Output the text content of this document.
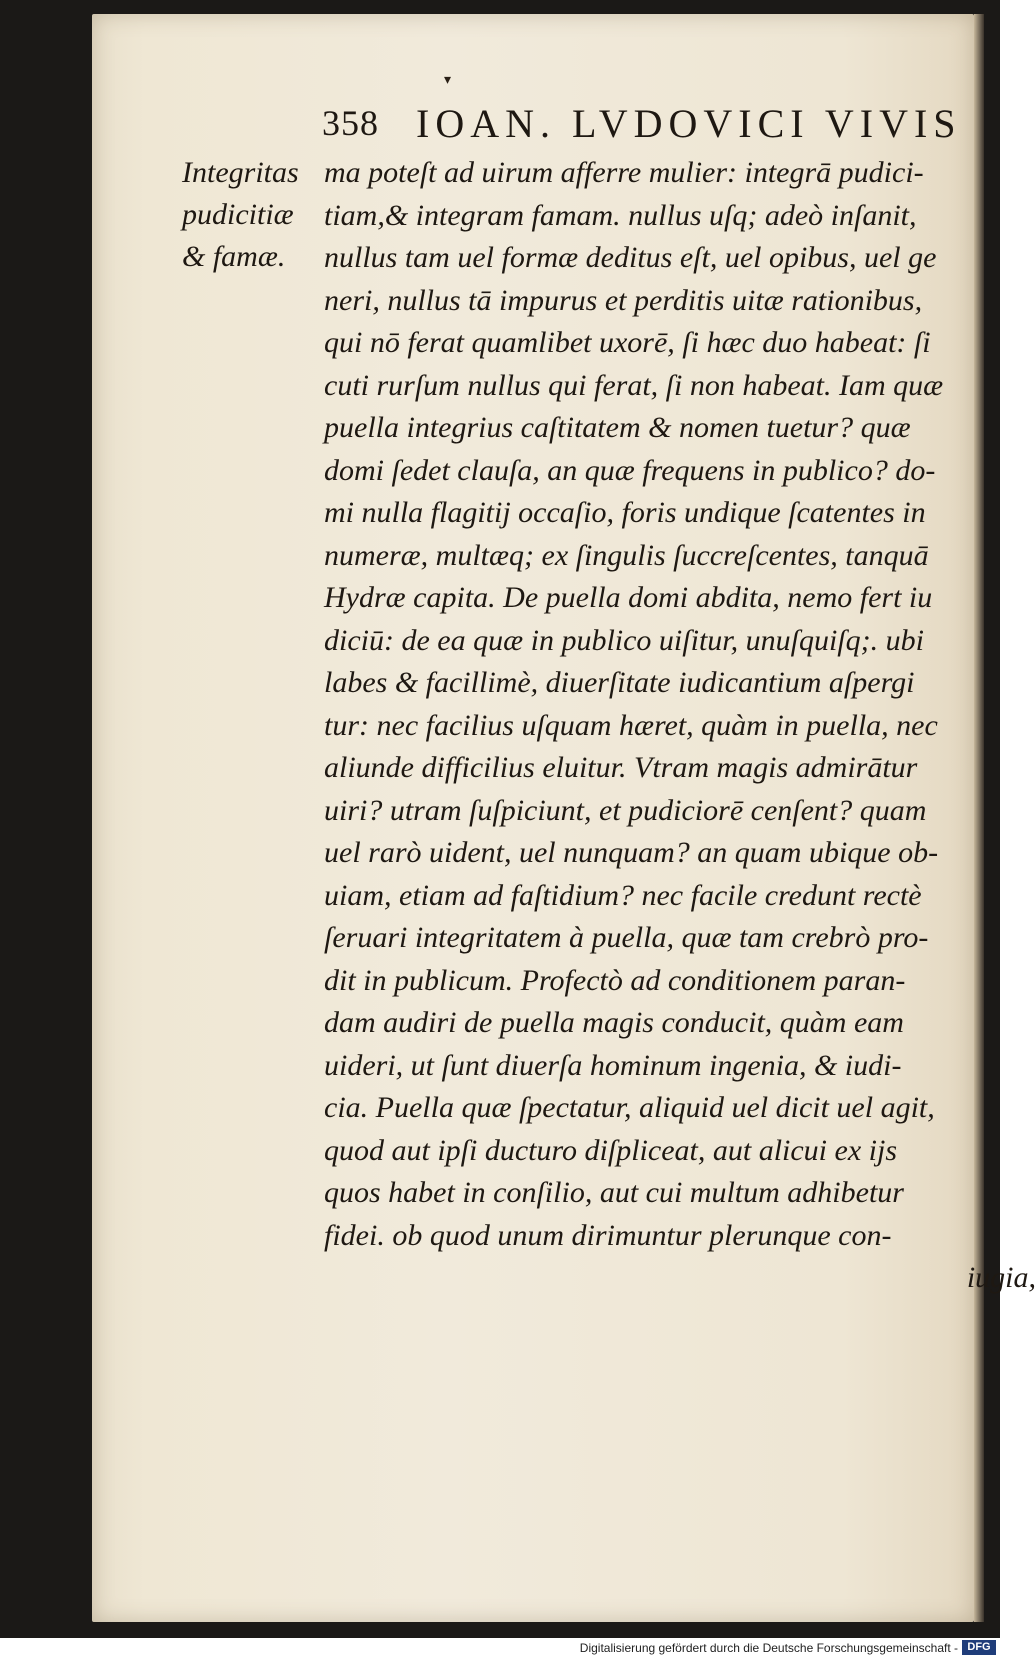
▾
358 IOAN. LVDOVICI VIVIS
Integritas
pudicitiæ
& famæ.
ma poteſt ad uirum afferre mulier: integrā pudici-
tiam,& integram famam. nullus uſq; adeò inſanit,
nullus tam uel formæ deditus eſt, uel opibus, uel ge
neri, nullus tā impurus et perditis uitæ rationibus,
qui nō ferat quamlibet uxorē, ſi hæc duo habeat: ſi
cuti rurſum nullus qui ferat, ſi non habeat. Iam quæ
puella integrius caſtitatem & nomen tuetur? quæ
domi ſedet clauſa, an quæ frequens in publico? do-
mi nulla flagitij occaſio, foris undique ſcatentes in
numeræ, multæq; ex ſingulis ſuccreſcentes, tanquā
Hydræ capita. De puella domi abdita, nemo fert iu
diciū: de ea quæ in publico uiſitur, unuſquiſq;. ubi
labes & facillimè, diuerſitate iudicantium aſpergi
tur: nec facilius uſquam hæret, quàm in puella, nec
aliunde difficilius eluitur. Vtram magis admirātur
uiri? utram ſuſpiciunt, et pudiciorē cenſent? quam
uel rarò uident, uel nunquam? an quam ubique ob-
uiam, etiam ad faſtidium? nec facile credunt rectè
ſeruari integritatem à puella, quæ tam crebrò pro-
dit in publicum. Profectò ad conditionem paran-
dam audiri de puella magis conducit, quàm eam
uideri, ut ſunt diuerſa hominum ingenia, & iudi-
cia. Puella quæ ſpectatur, aliquid uel dicit uel agit,
quod aut ipſi ducturo diſpliceat, aut alicui ex ijs
quos habet in conſilio, aut cui multum adhibetur
fidei. ob quod unum dirimuntur plerunque con-
iugia,
Digitalisierung gefördert durch die Deutsche Forschungsgemeinschaft - DFG
